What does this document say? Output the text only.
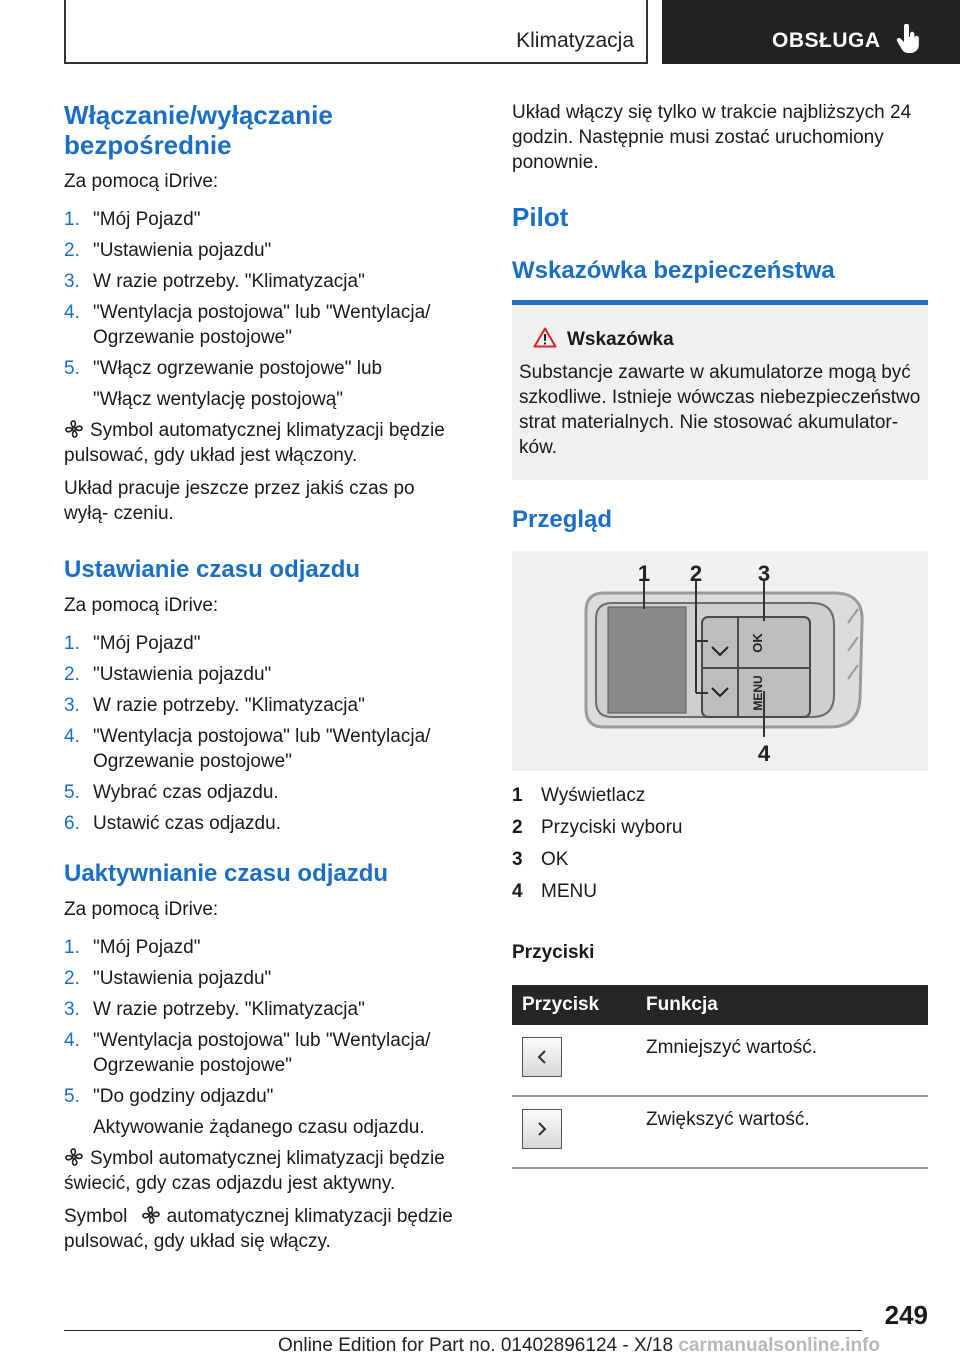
Klimatyzacja	OBSŁUGA
Włączanie/wyłączanie bezpośrednie

Za pomocą iDrive:

1. "Mój Pojazd"
2. "Ustawienia pojazdu"
3. W razie potrzeby. "Klimatyzacja"
4. "Wentylacja postojowa" lub "Wentylacja/ Ogrzewanie postojowe"
5. "Włącz ogrzewanie postojowe" lub

"Włącz wentylację postojową"

Symbol automatycznej klimatyzacji będzie pulsować, gdy układ jest włączony.

Układ pracuje jeszcze przez jakiś czas po wyłą- czeniu.

Ustawianie czasu odjazdu

Za pomocą iDrive:

1. "Mój Pojazd"
2. "Ustawienia pojazdu"
3. W razie potrzeby. "Klimatyzacja"
4. "Wentylacja postojowa" lub "Wentylacja/ Ogrzewanie postojowe"
5. Wybrać czas odjazdu.
6. Ustawić czas odjazdu.
Uaktywnianie czasu odjazdu

Za pomocą iDrive:

1. "Mój Pojazd"
2. "Ustawienia pojazdu"
3. W razie potrzeby. "Klimatyzacja"
4. "Wentylacja postojowa" lub "Wentylacja/ Ogrzewanie postojowe"
5. "Do godziny odjazdu"

Aktywowanie żądanego czasu odjazdu.

Symbol automatycznej klimatyzacji będzie świecić, gdy czas odjazdu jest aktywny.

Symbol automatycznej klimatyzacji będzie pulsować, gdy układ się włączy.

Układ włączy się tylko w trakcie najbliższych 24 godzin. Następnie musi zostać uruchomiony ponownie.

Pilot
Wskazówka bezpieczeństwa
Wskazówka

Substancje zawarte w akumulatorze mogą być szkodliwe. Istnieje wówczas niebezpieczeństwo strat materialnych. Nie stosować akumulator- ków.

Przegląd
OK
MENU
1 2	3
4
1 Wyświetlacz
2 Przyciski wyboru
3 OK
4 MENU

Przyciski

Przycisk	Funkcja

	Zmniejszyć wartość.

	Zwiększyć wartość.
249
Online Edition for Part no. 01402896124 - X/18 carmanualsonline.info
